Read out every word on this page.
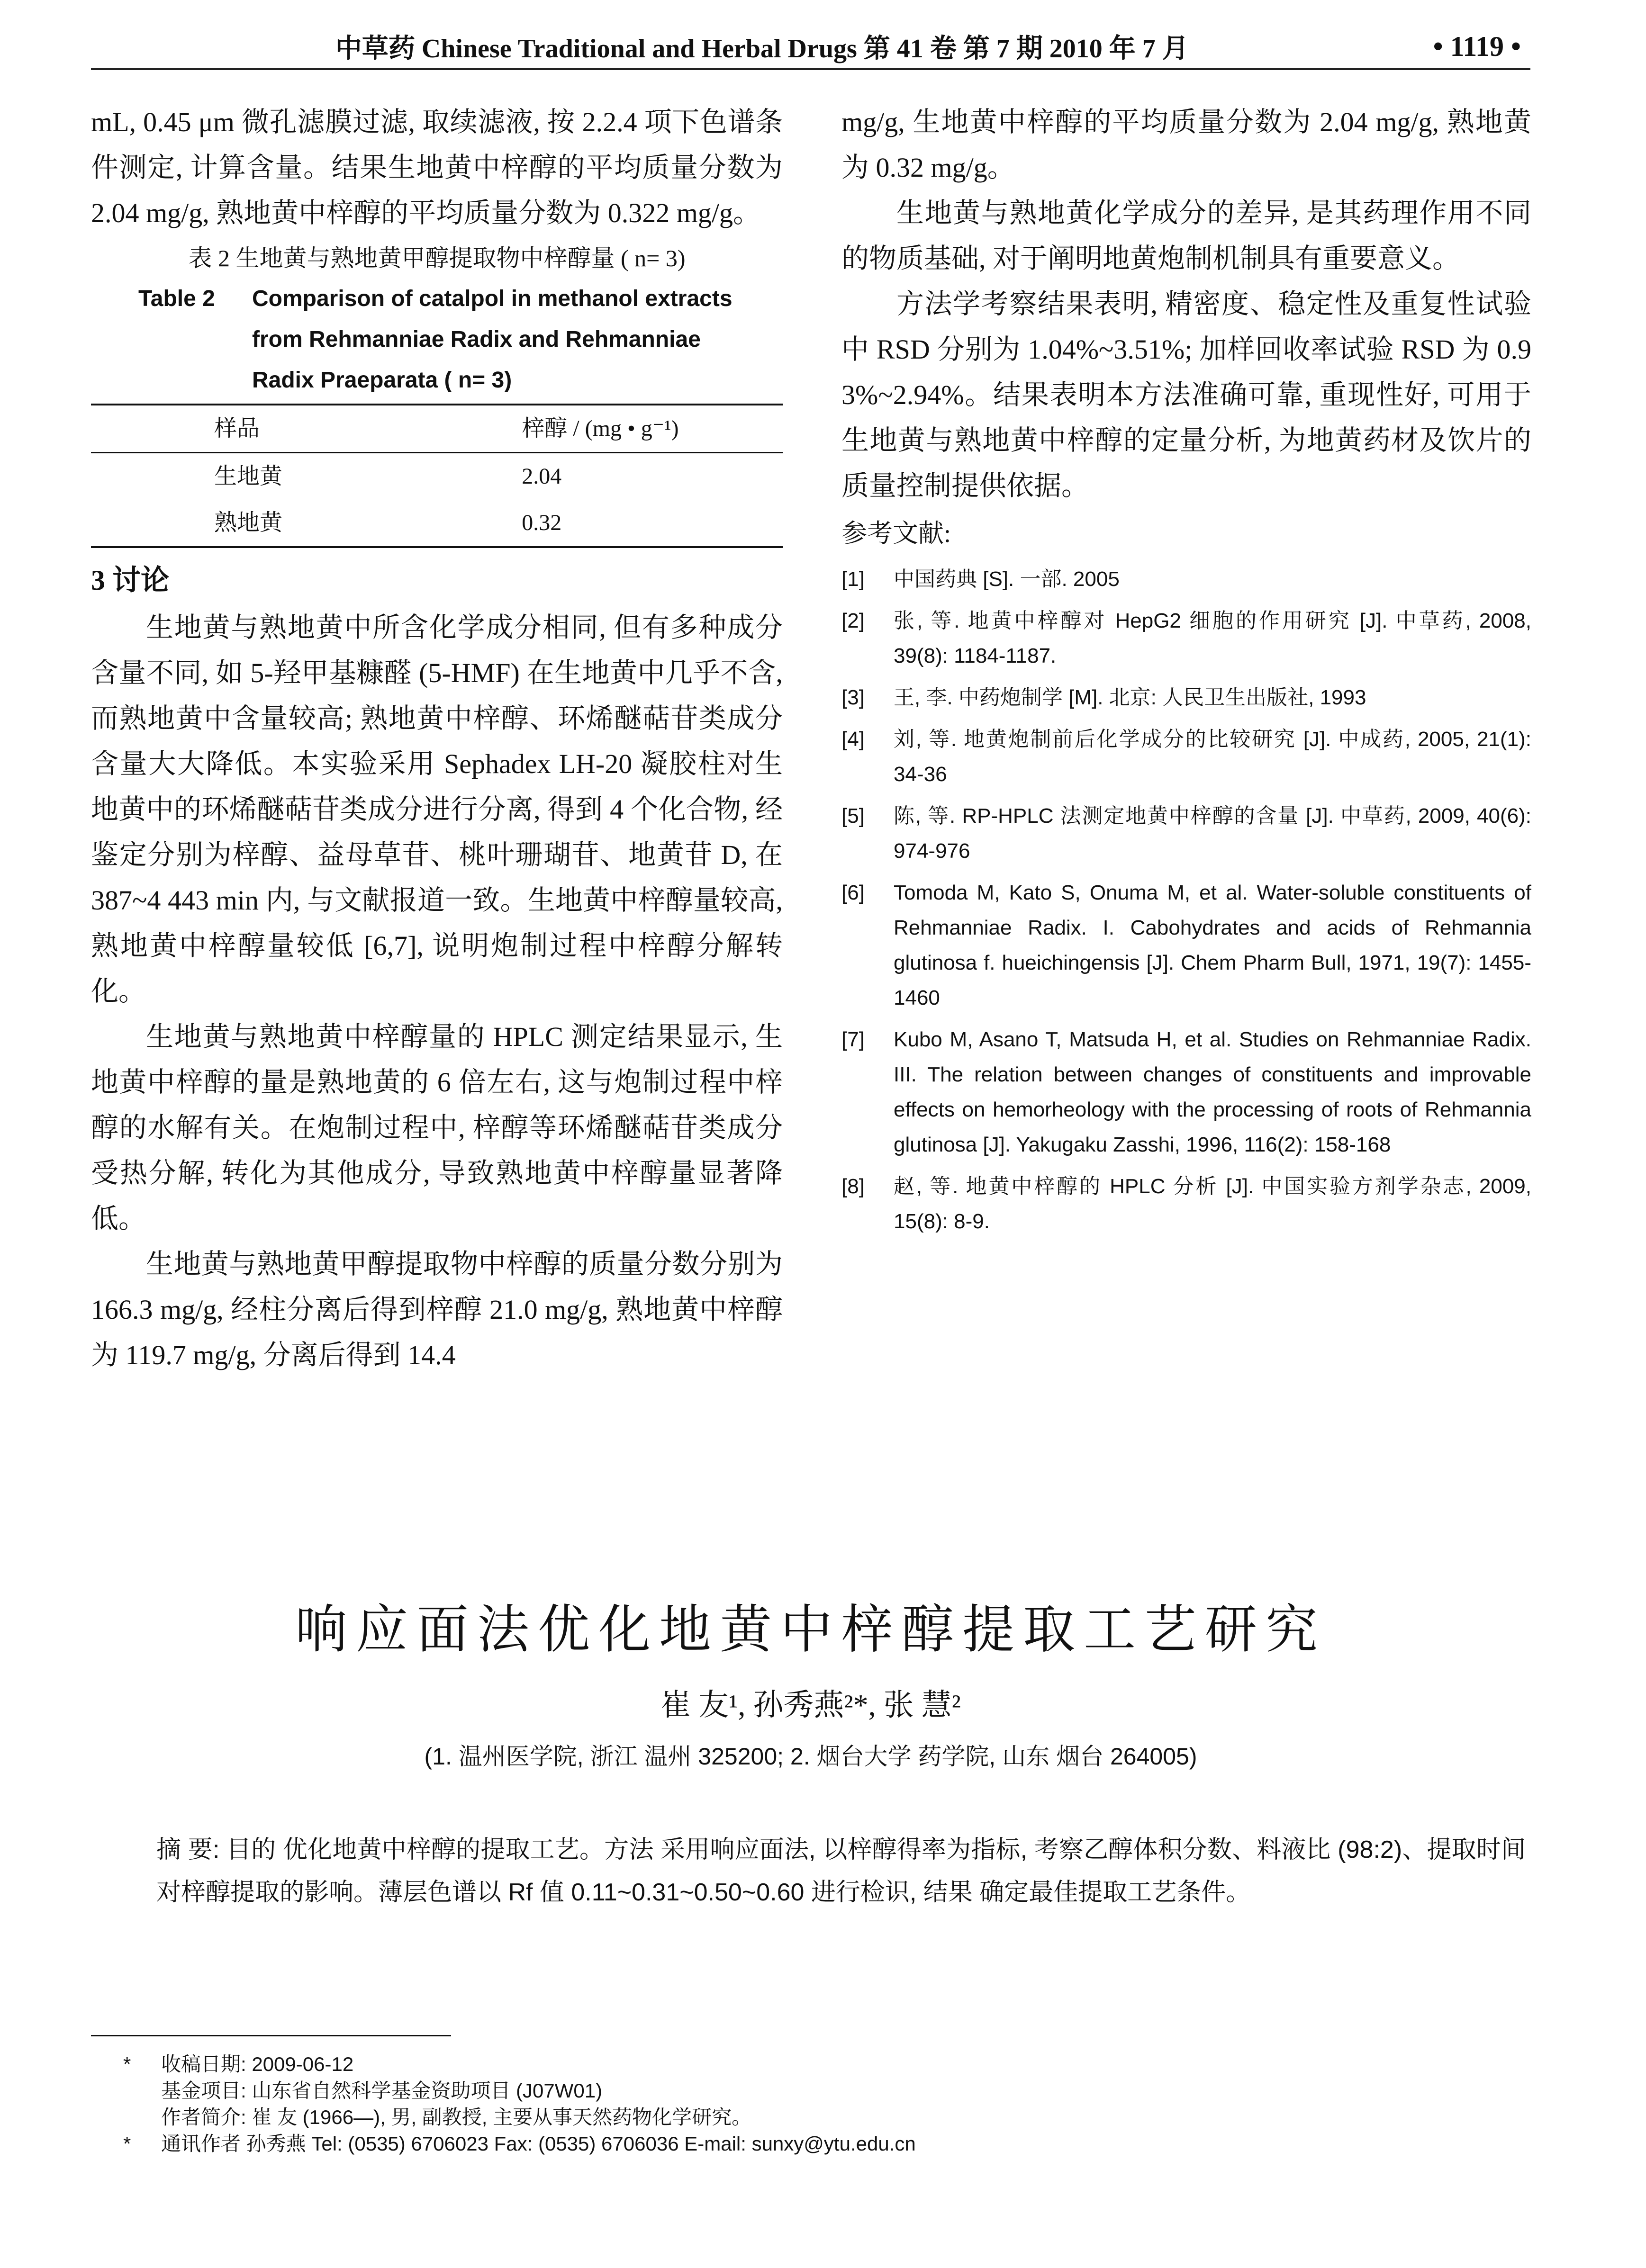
中草药 Chinese Traditional and Herbal Drugs 第 41 卷 第 7 期 2010 年 7 月	• 1119 •

mL, 0.45 μm 微孔滤膜过滤, 取续滤液, 按 2.2.4 项下色谱条件测定, 计算含量。结果生地黄中梓醇的平均质量分数为 2.04 mg/g, 熟地黄中梓醇的平均质量分数为 0.322 mg/g。

表 2 生地黄与熟地黄甲醇提取物中梓醇量 ( n= 3)
Table 2 Comparison of catalpol in methanol extracts from Rehmanniae Radix and Rehmanniae Radix Praeparata ( n= 3)
样品	梓醇 / (mg • g⁻¹)
生地黄	2.04
熟地黄	0.32
3 讨论

生地黄与熟地黄中所含化学成分相同, 但有多种成分含量不同, 如 5-羟甲基糠醛 (5-HMF) 在生地黄中几乎不含, 而熟地黄中含量较高; 熟地黄中梓醇、环烯醚萜苷类成分含量大大降低。本实验采用 Sephadex LH-20 凝胶柱对生地黄中的环烯醚萜苷类成分进行分离, 得到 4 个化合物, 经鉴定分别为梓醇、益母草苷、桃叶珊瑚苷、地黄苷 D, 在 387~4 443 min 内, 与文献报道一致。生地黄中梓醇量较高, 熟地黄中梓醇量较低 [6,7], 说明炮制过程中梓醇分解转化。

生地黄与熟地黄中梓醇量的 HPLC 测定结果显示, 生地黄中梓醇的量是熟地黄的 6 倍左右, 这与炮制过程中梓醇的水解有关。在炮制过程中, 梓醇等环烯醚萜苷类成分受热分解, 转化为其他成分, 导致熟地黄中梓醇量显著降低。

生地黄与熟地黄甲醇提取物中梓醇的质量分数分别为 166.3 mg/g, 经柱分离后得到梓醇 21.0 mg/g, 熟地黄中梓醇为 119.7 mg/g, 分离后得到 14.4

mg/g, 生地黄中梓醇的平均质量分数为 2.04 mg/g, 熟地黄为 0.32 mg/g。

生地黄与熟地黄化学成分的差异, 是其药理作用不同的物质基础, 对于阐明地黄炮制机制具有重要意义。

方法学考察结果表明, 精密度、稳定性及重复性试验中 RSD 分别为 1.04%~3.51%; 加样回收率试验 RSD 为 0.93%~2.94%。结果表明本方法准确可靠, 重现性好, 可用于生地黄与熟地黄中梓醇的定量分析, 为地黄药材及饮片的质量控制提供依据。

参考文献:
[1]	中国药典 [S]. 一部. 2005
[2]	张, 等. 地黄中梓醇对 HepG2 细胞的作用研究 [J]. 中草药, 2008, 39(8): 1184-1187.
[3]	王, 李. 中药炮制学 [M]. 北京: 人民卫生出版社, 1993
[4]	刘, 等. 地黄炮制前后化学成分的比较研究 [J]. 中成药, 2005, 21(1): 34-36
[5]	陈, 等. RP-HPLC 法测定地黄中梓醇的含量 [J]. 中草药, 2009, 40(6): 974-976
[6]	Tomoda M, Kato S, Onuma M, et al. Water-soluble constituents of Rehmanniae Radix. I. Cabohydrates and acids of Rehmannia glutinosa f. hueichingensis [J]. Chem Pharm Bull, 1971, 19(7): 1455-1460
[7]	Kubo M, Asano T, Matsuda H, et al. Studies on Rehmanniae Radix. III. The relation between changes of constituents and improvable effects on hemorheology with the processing of roots of Rehmannia glutinosa [J]. Yakugaku Zasshi, 1996, 116(2): 158-168
[8]	赵, 等. 地黄中梓醇的 HPLC 分析 [J]. 中国实验方剂学杂志, 2009, 15(8): 8-9.
响应面法优化地黄中梓醇提取工艺研究
崔 友¹, 孙秀燕²*, 张 慧²
(1. 温州医学院, 浙江 温州 325200; 2. 烟台大学 药学院, 山东 烟台 264005)
摘 要: 目的 优化地黄中梓醇的提取工艺。方法 采用响应面法, 以梓醇得率为指标, 考察乙醇体积分数、料液比 (98:2)、提取时间对梓醇提取的影响。薄层色谱以 Rf 值 0.11~0.31~0.50~0.60 进行检识, 结果 确定最佳提取工艺条件。
*	收稿日期: 2009-06-12
基金项目: 山东省自然科学基金资助项目 (J07W01)
作者简介: 崔 友 (1966—), 男, 副教授, 主要从事天然药物化学研究。
*	通讯作者 孙秀燕 Tel: (0535) 6706023 Fax: (0535) 6706036 E-mail: sunxy@ytu.edu.cn
